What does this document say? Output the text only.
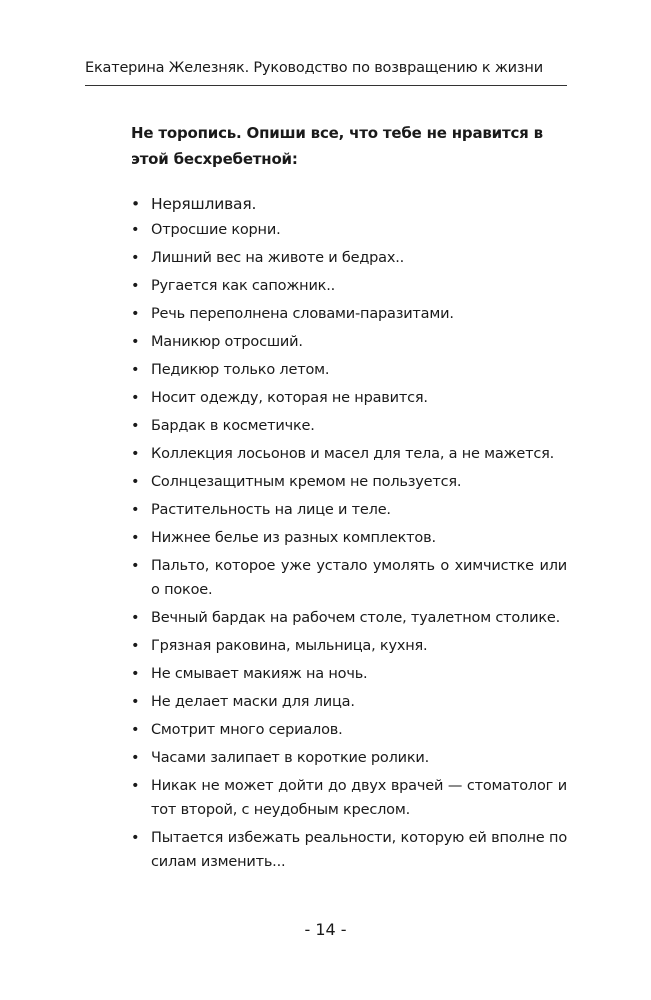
Екатерина Железняк. Руководство по возвращению к жизни

Не торопись. Опиши все, что тебе не нравится в этой бесхребетной:

• Неряшливая.
• Отросшие корни.
• Лишний вес на животе и бедрах..
• Ругается как сапожник..
• Речь переполнена словами-паразитами.
• Маникюр отросший.
• Педикюр только летом.
• Носит одежду, которая не нравится.
• Бардак в косметичке.
• Коллекция лосьонов и масел для тела, а не мажется.
• Солнцезащитным кремом не пользуется.
• Растительность на лице и теле.
• Нижнее белье из разных комплектов.
• Пальто, которое уже устало умолять о химчистке или о покое.
• Вечный бардак на рабочем столе, туалетном столике.
• Грязная раковина, мыльница, кухня.
• Не смывает макияж на ночь.
• Не делает маски для лица.
• Смотрит много сериалов.
• Часами залипает в короткие ролики.
• Никак не может дойти до двух врачей — стоматолог и тот второй, с неудобным креслом.
• Пытается избежать реальности, которую ей вполне по силам изменить...
- 14 -
